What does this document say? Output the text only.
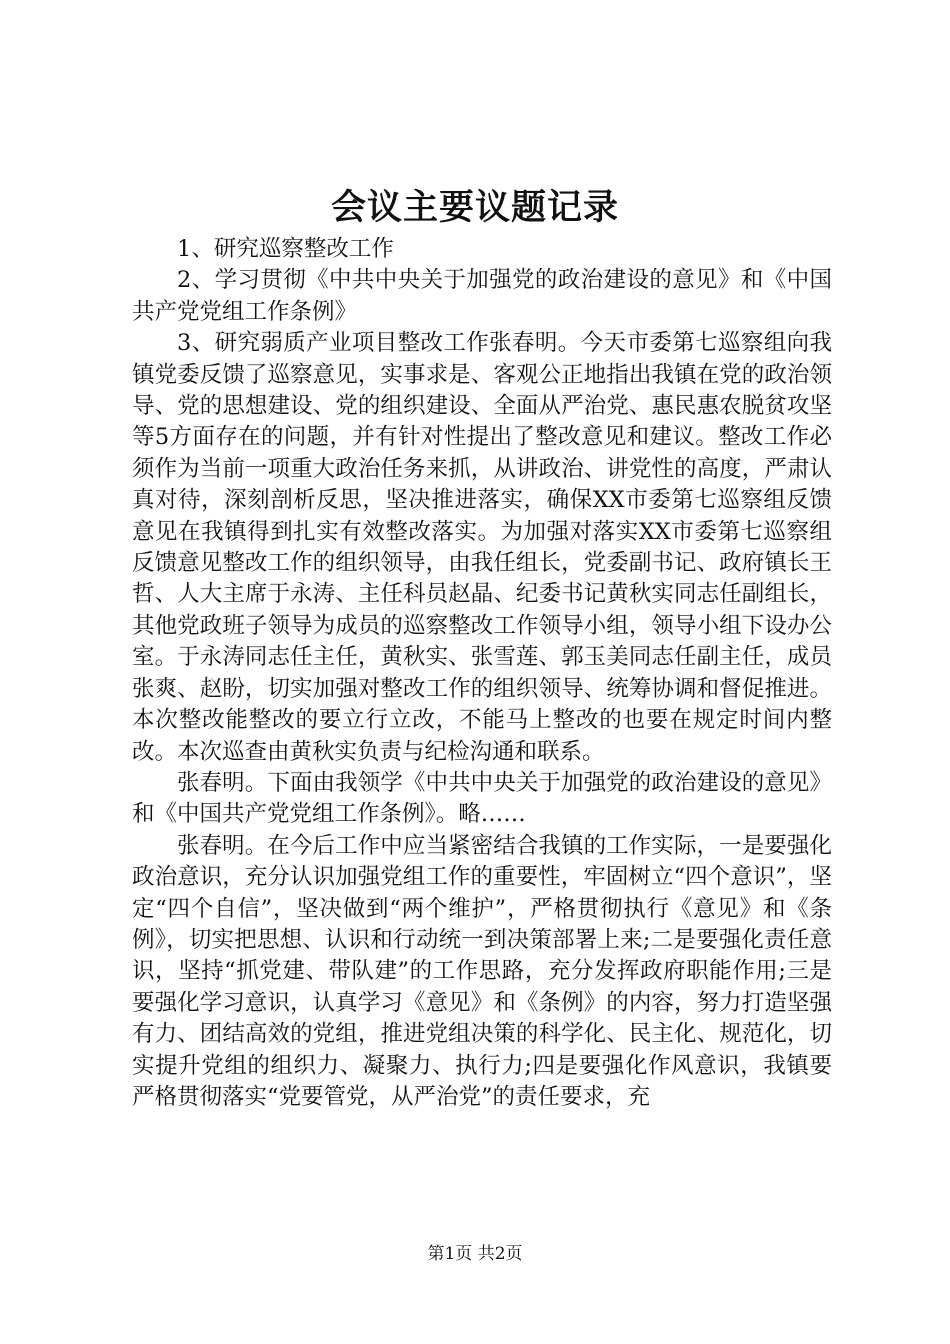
会议主要议题记录

1、研究巡察整改工作

2、学习贯彻《中共中央关于加强党的政治建设的意见》和《中国共产党党组工作条例》

3、研究弱质产业项目整改工作张春明。今天市委第七巡察组向我镇党委反馈了巡察意见，实事求是、客观公正地指出我镇在党的政治领导、党的思想建设、党的组织建设、全面从严治党、惠民惠农脱贫攻坚等5方面存在的问题，并有针对性提出了整改意见和建议。整改工作必须作为当前一项重大政治任务来抓，从讲政治、讲党性的高度，严肃认真对待，深刻剖析反思，坚决推进落实，确保XX市委第七巡察组反馈意见在我镇得到扎实有效整改落实。为加强对落实XX市委第七巡察组反馈意见整改工作的组织领导，由我任组长，党委副书记、政府镇长王哲、人大主席于永涛、主任科员赵晶、纪委书记黄秋实同志任副组长，其他党政班子领导为成员的巡察整改工作领导小组，领导小组下设办公室。于永涛同志任主任，黄秋实、张雪莲、郭玉美同志任副主任，成员张爽、赵盼，切实加强对整改工作的组织领导、统筹协调和督促推进。本次整改能整改的要立行立改，不能马上整改的也要在规定时间内整改。本次巡查由黄秋实负责与纪检沟通和联系。

张春明。下面由我领学《中共中央关于加强党的政治建设的意见》和《中国共产党党组工作条例》。略……

张春明。在今后工作中应当紧密结合我镇的工作实际，一是要强化政治意识，充分认识加强党组工作的重要性，牢固树立“四个意识”，坚定“四个自信”，坚决做到“两个维护”，严格贯彻执行《意见》和《条例》，切实把思想、认识和行动统一到决策部署上来;二是要强化责任意识，坚持“抓党建、带队建”的工作思路，充分发挥政府职能作用;三是要强化学习意识，认真学习《意见》和《条例》的内容，努力打造坚强有力、团结高效的党组，推进党组决策的科学化、民主化、规范化，切实提升党组的组织力、凝聚力、执行力;四是要强化作风意识，我镇要严格贯彻落实“党要管党，从严治党”的责任要求，充

第1页 共2页
